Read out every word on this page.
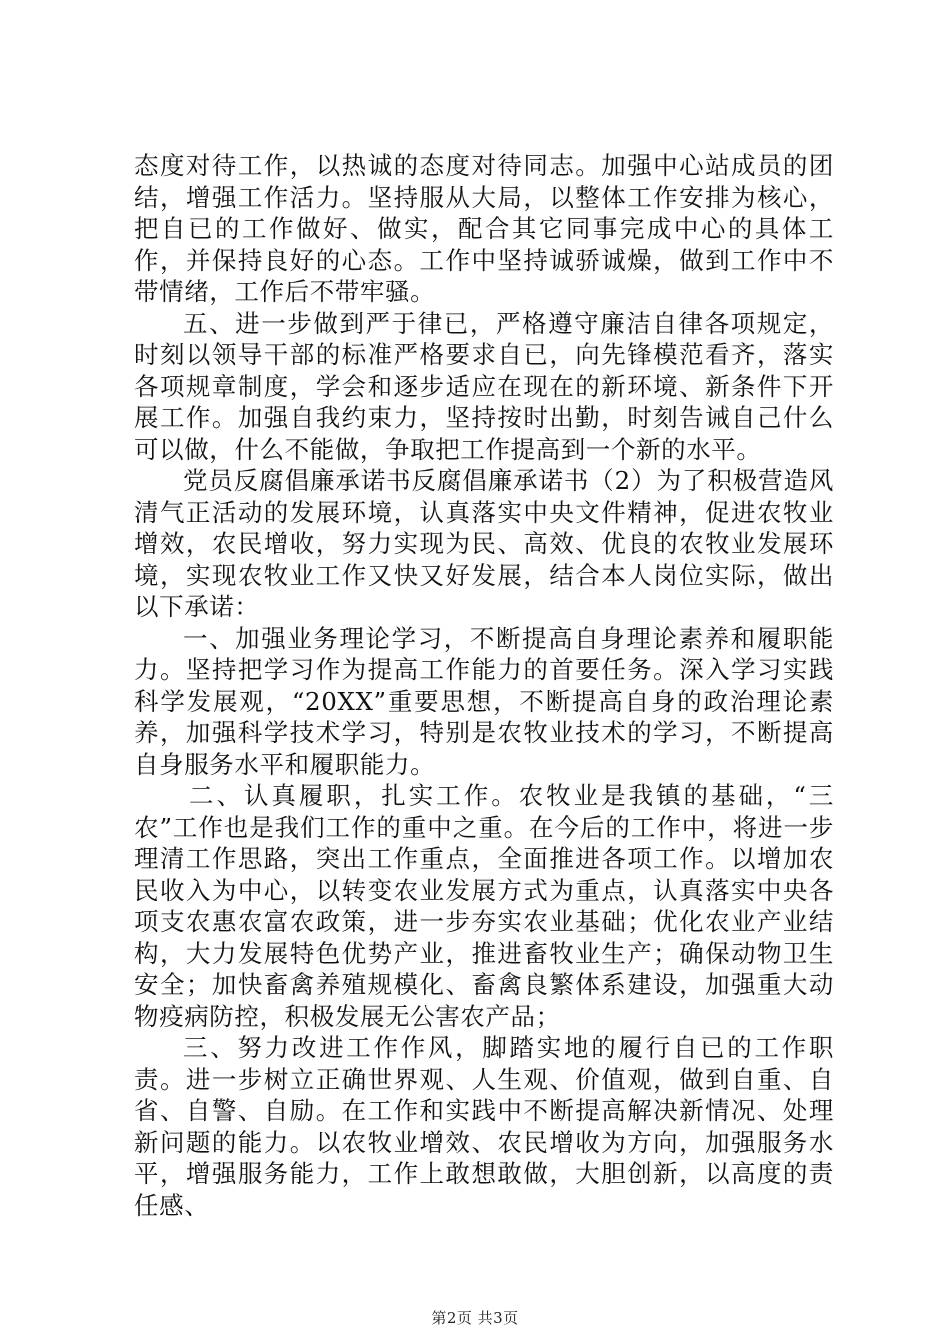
态度对待工作，以热诚的态度对待同志。加强中心站成员的团结，增强工作活力。坚持服从大局，以整体工作安排为核心，把自已的工作做好、做实，配合其它同事完成中心的具体工作，并保持良好的心态。工作中坚持诚骄诚燥，做到工作中不带情绪，工作后不带牢骚。

五、进一步做到严于律已，严格遵守廉洁自律各项规定，时刻以领导干部的标准严格要求自已，向先锋模范看齐，落实各项规章制度，学会和逐步适应在现在的新环境、新条件下开展工作。加强自我约束力，坚持按时出勤，时刻告诫自己什么可以做，什么不能做，争取把工作提高到一个新的水平。

党员反腐倡廉承诺书反腐倡廉承诺书（2）为了积极营造风清气正活动的发展环境，认真落实中央文件精神，促进农牧业增效，农民增收，努力实现为民、高效、优良的农牧业发展环境，实现农牧业工作又快又好发展，结合本人岗位实际，做出以下承诺：

一、加强业务理论学习，不断提高自身理论素养和履职能力。坚持把学习作为提高工作能力的首要任务。深入学习实践科学发展观，“20XX”重要思想，不断提高自身的政治理论素养，加强科学技术学习，特别是农牧业技术的学习，不断提高自身服务水平和履职能力。

二、认真履职，扎实工作。农牧业是我镇的基础，“三农”工作也是我们工作的重中之重。在今后的工作中，将进一步理清工作思路，突出工作重点，全面推进各项工作。以增加农民收入为中心，以转变农业发展方式为重点，认真落实中央各项支农惠农富农政策，进一步夯实农业基础；优化农业产业结构，大力发展特色优势产业，推进畜牧业生产；确保动物卫生安全；加快畜禽养殖规模化、畜禽良繁体系建设，加强重大动物疫病防控，积极发展无公害农产品；

三、努力改进工作作风，脚踏实地的履行自已的工作职责。进一步树立正确世界观、人生观、价值观，做到自重、自省、自警、自励。在工作和实践中不断提高解决新情况、处理新问题的能力。以农牧业增效、农民增收为方向，加强服务水平，增强服务能力，工作上敢想敢做，大胆创新，以高度的责任感、

第2页 共3页
